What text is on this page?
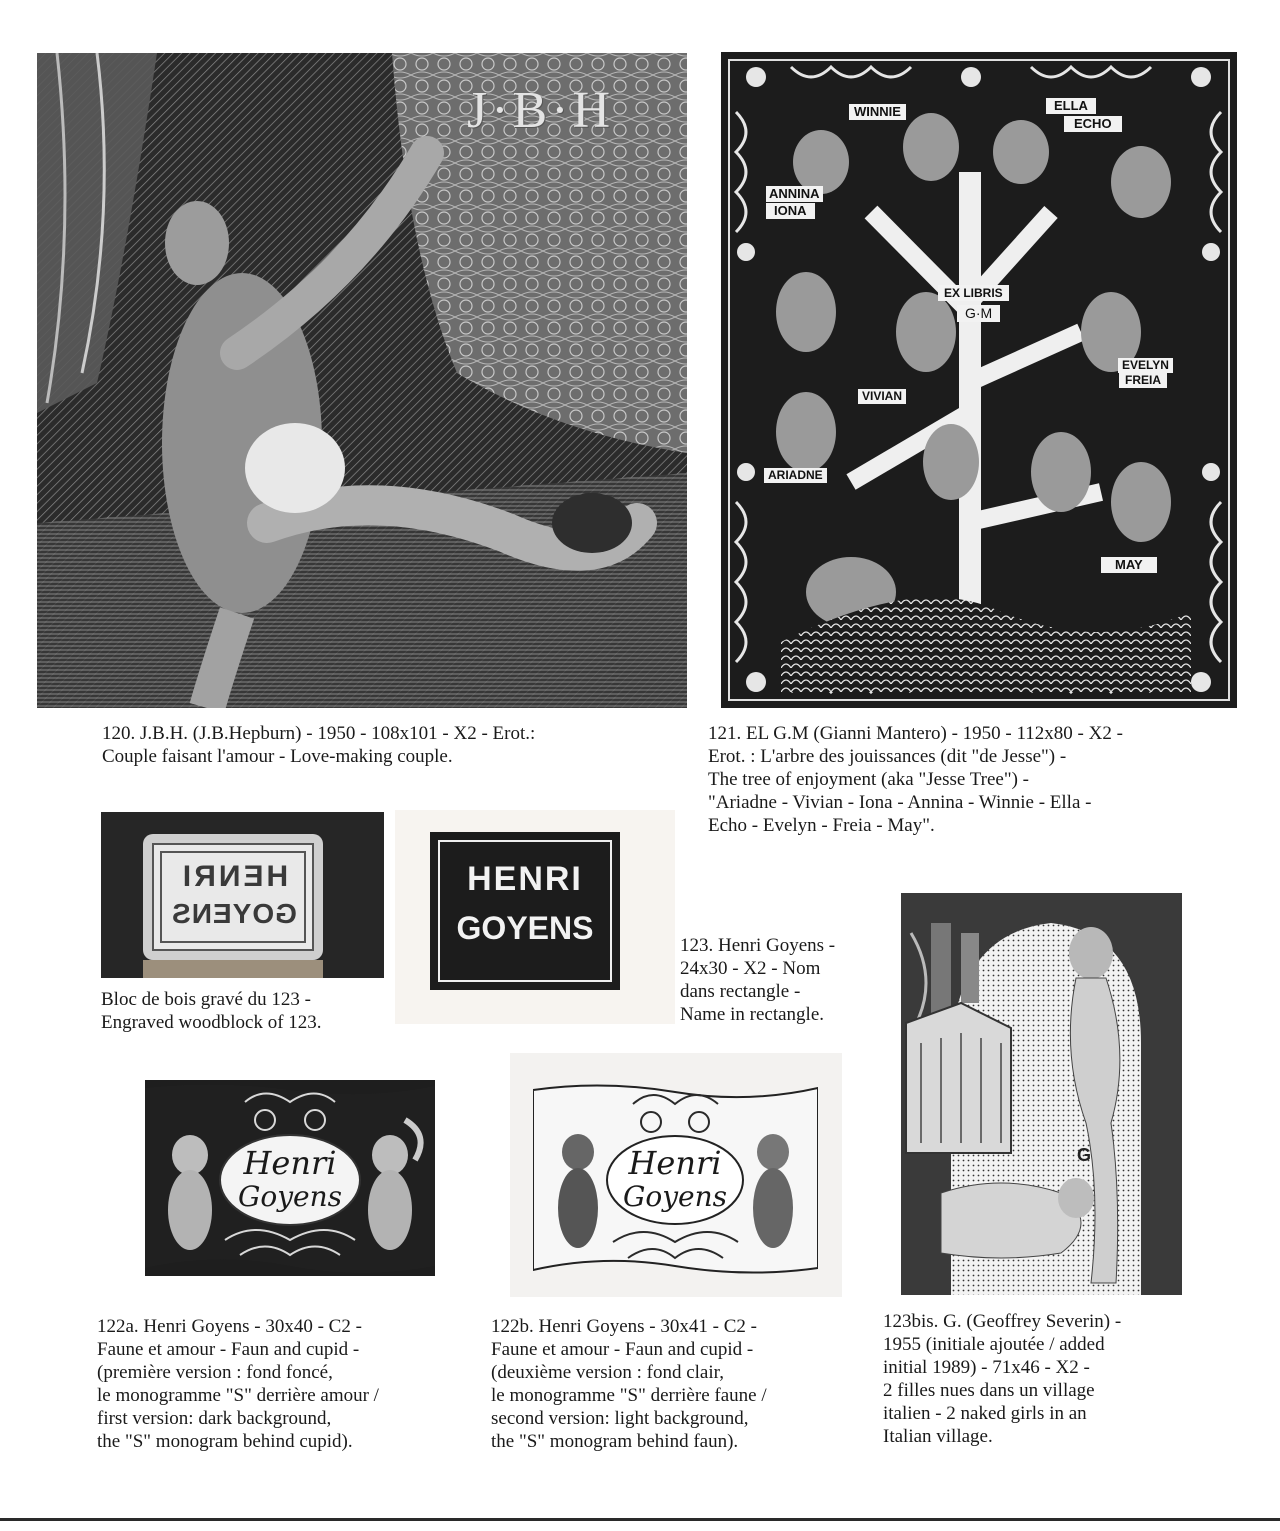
J·B·H
120. J.B.H. (J.B.Hepburn) - 1950 - 108x101 - X2 - Erot.:
Couple faisant l'amour - Love-making couple.
WINNIE	ELLA
ECHO
ANNINA
IONA
EX LIBRIS
G·M
EVELYN
FREIA
VIVIAN
ARIADNE
MAY
121. EL G.M (Gianni Mantero) - 1950 - 112x80 - X2 -
Erot. : L'arbre des jouissances (dit "de Jesse") -
The tree of enjoyment (aka "Jesse Tree") -
"Ariadne - Vivian - Iona - Annina - Winnie - Ella -
Echo - Evelyn - Freia - May".
HENRI
GOYENS
Bloc de bois gravé du 123 -
Engraved woodblock of 123.
HENRI
GOYENS	123. Henri Goyens -
24x30 - X2 - Nom
dans rectangle -
Name in rectangle.
Henri
Goyens
122a. Henri Goyens - 30x40 - C2 -
Faune et amour - Faun and cupid -
(première version : fond foncé,
le monogramme "S" derrière amour /
first version: dark background,
the "S" monogram behind cupid).
Henri
Goyens
122b. Henri Goyens - 30x41 - C2 -
Faune et amour - Faun and cupid -
(deuxième version : fond clair,
le monogramme "S" derrière faune /
second version: light background,
the "S" monogram behind faun).
G
123bis. G. (Geoffrey Severin) -
1955 (initiale ajoutée / added
initial 1989) - 71x46 - X2 -
2 filles nues dans un village
italien - 2 naked girls in an
Italian village.
